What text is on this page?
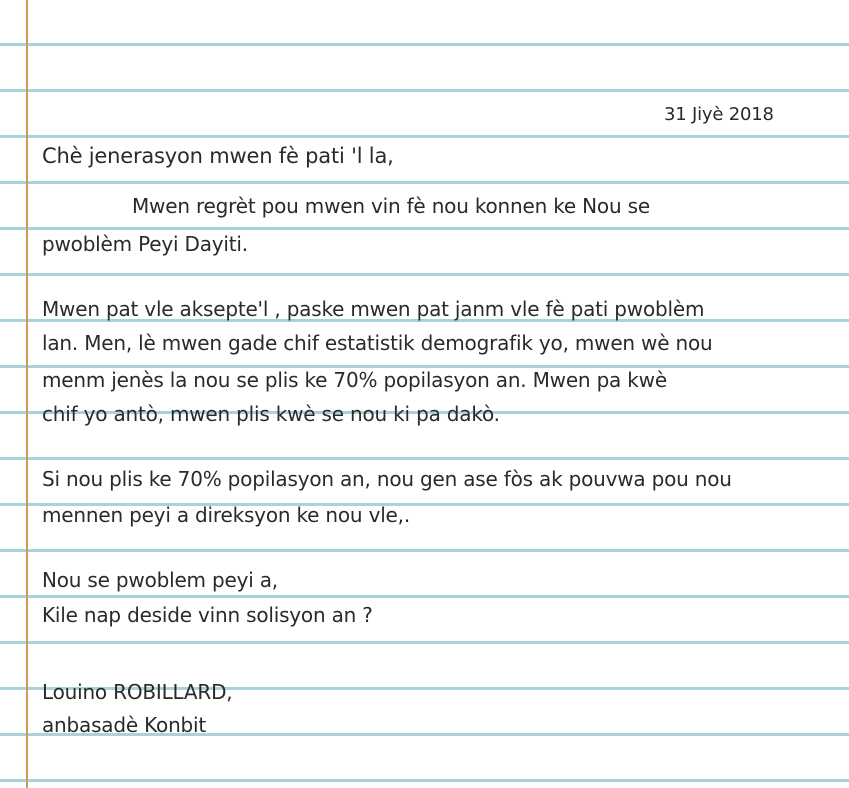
31 Jiyè 2018
Chè jenerasyon mwen fè pati 'l la,
Mwen regrèt pou mwen vin fè nou konnen ke Nou se
pwoblèm Peyi Dayiti.
Mwen pat vle aksepte'l , paske mwen pat janm vle fè pati pwoblèm
lan. Men, lè mwen gade chif estatistik demografik yo, mwen wè nou
menm jenès la nou se plis ke 70% popilasyon an. Mwen pa kwè
chif yo antò, mwen plis kwè se nou ki pa dakò.
Si nou plis ke 70% popilasyon an, nou gen ase fòs ak pouvwa pou nou
mennen peyi a direksyon ke nou vle,.
Nou se pwoblem peyi a,
Kile nap deside vinn solisyon an ?
Louino ROBILLARD,
anbasadè Konbit
